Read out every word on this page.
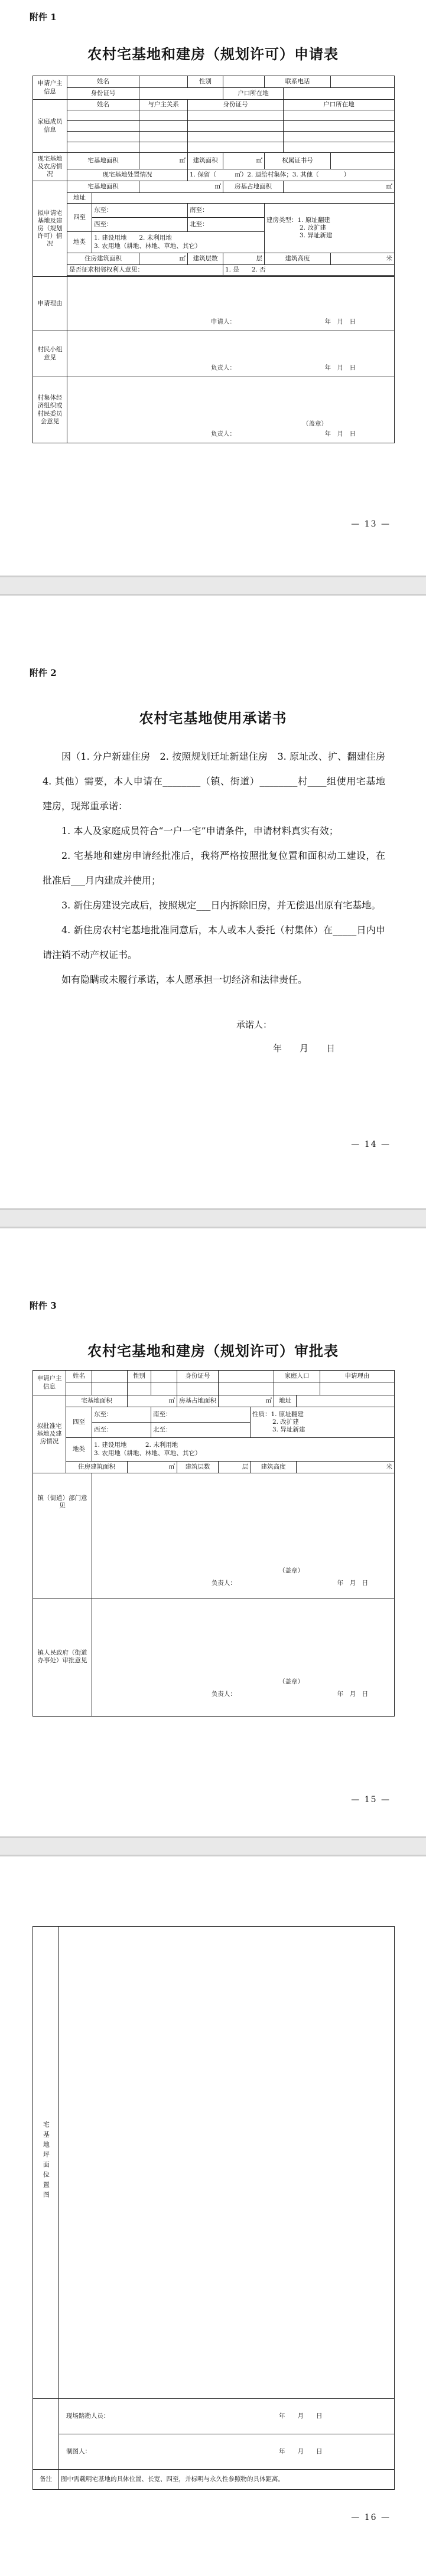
附件 1
农村宅基地和建房（规划许可）申请表
申请户主信息	姓名			性别		联系电话		
	身份证号				户口所在地			
家庭成员信息	姓名		与户主关系	身份证号			户口所在地	

现宅基地及农房情况	宅基地面积		㎡	建筑面积	㎡	权属证书号		
	现宅基地处置情况			1. 保留（　　　㎡）2. 退给村集体；3. 其他（　　　　）				
拟申请宅基地及建房（规划许可）情况	宅基地面积		㎡		房基占地面积		㎡	
	地址							
	四至	东至：		南至：		建房类型：1. 原址翻建
2. 改扩建
3. 异址新建		
		西至：		北至：				
	地类	1. 建设用地　　 2. 未利用地
3. 农用地（耕地、林地、草地、其它）						
	住房建筑面积		㎡	建筑层数	层	建筑高度		米
	是否征求相邻权利人意见：				1. 是　　 2. 否			

申请理由	申请人： 年　月　日							
村民小组意见	负责人： 年　月　日							
村集体经济组织或村民委员会意见	（盖章）
负责人： 年　月　日							
— 13 —
附件 2
农村宅基地使用承诺书

因（1. 分户新建住房　2. 按照规划迁址新建住房　3. 原址改、扩、翻建住房　4. 其他）需要，本人申请在________（镇、街道）________村____组使用宅基地建房，现郑重承诺：

1. 本人及家庭成员符合“一户一宅”申请条件，申请材料真实有效；

2. 宅基地和建房申请经批准后，我将严格按照批复位置和面积动工建设，在批准后___月内建成并使用；

3. 新住房建设完成后，按照规定___日内拆除旧房，并无偿退出原有宅基地。

4. 新住房农村宅基地批准同意后，本人或本人委托（村集体）在_____日内申请注销不动产权证书。

如有隐瞒或未履行承诺，本人愿承担一切经济和法律责任。

承诺人：
年　　月　　日
— 14 —
附件 3
农村宅基地和建房（规划许可）审批表
申请户主信息	姓名		性别		身份证号			家庭人口		申请理由

拟批准宅基地及建房情况	宅基地面积		㎡		房基占地面积	㎡		地址		
	四至	东至：		南至：			性质：1. 原址翻建
2. 改扩建
3. 异址新建			
		西至：		北至：						
	地类	1. 建设用地　　　 2. 未利用地
3. 农用地（耕地、林地、草地、其它）								
	住房建筑面积		㎡		建筑层数	层	建筑高度		米	
镇（街道）部门意见		（盖章）
负责人： 年　月　日								
镇人民政府（街道办事处）审批意见		（盖章）
负责人： 年　月　日								
— 15 —
宅基地坪面位置图	
	现场踏勘人员： 年　　月　　日
	制图人： 年　　月　　日
备注	图中需载明宅基地的具体位置、长宽、四至，并标明与永久性参照物的具体距离。
— 16 —
